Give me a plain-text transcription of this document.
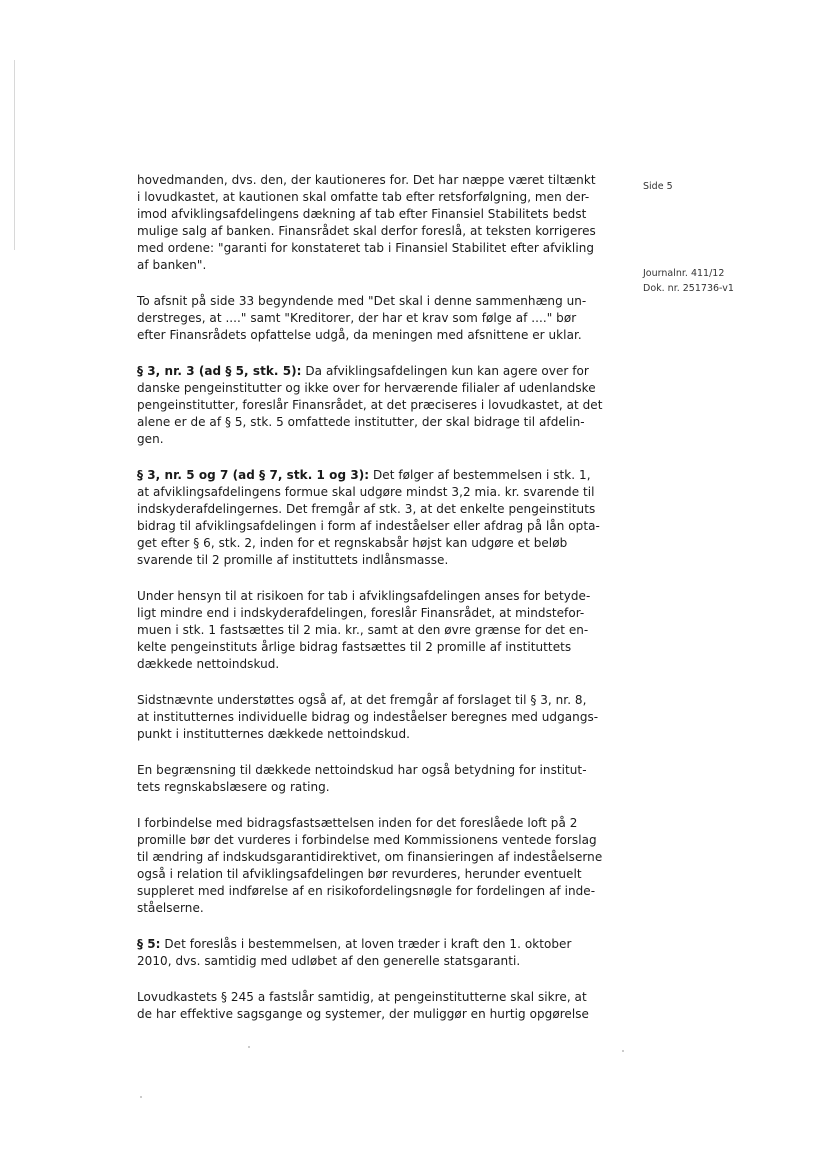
Side 5
Journalnr. 411/12
Dok. nr. 251736-v1

hovedmanden, dvs. den, der kautioneres for. Det har næppe været tiltænkt
i lovudkastet, at kautionen skal omfatte tab efter retsforfølgning, men der-
imod afviklingsafdelingens dækning af tab efter Finansiel Stabilitets bedst
mulige salg af banken. Finansrådet skal derfor foreslå, at teksten korrigeres
med ordene: "garanti for konstateret tab i Finansiel Stabilitet efter afvikling
af banken".

To afsnit på side 33 begyndende med "Det skal i denne sammenhæng un-
derstreges, at ...." samt "Kreditorer, der har et krav som følge af ...." bør
efter Finansrådets opfattelse udgå, da meningen med afsnittene er uklar.

§ 3, nr. 3 (ad § 5, stk. 5): Da afviklingsafdelingen kun kan agere over for
danske pengeinstitutter og ikke over for herværende filialer af udenlandske
pengeinstitutter, foreslår Finansrådet, at det præciseres i lovudkastet, at det
alene er de af § 5, stk. 5 omfattede institutter, der skal bidrage til afdelin-
gen.

§ 3, nr. 5 og 7 (ad § 7, stk. 1 og 3): Det følger af bestemmelsen i stk. 1,
at afviklingsafdelingens formue skal udgøre mindst 3,2 mia. kr. svarende til
indskyderafdelingernes. Det fremgår af stk. 3, at det enkelte pengeinstituts
bidrag til afviklingsafdelingen i form af indeståelser eller afdrag på lån opta-
get efter § 6, stk. 2, inden for et regnskabsår højst kan udgøre et beløb
svarende til 2 promille af instituttets indlånsmasse.

Under hensyn til at risikoen for tab i afviklingsafdelingen anses for betyde-
ligt mindre end i indskyderafdelingen, foreslår Finansrådet, at mindstefor-
muen i stk. 1 fastsættes til 2 mia. kr., samt at den øvre grænse for det en-
kelte pengeinstituts årlige bidrag fastsættes til 2 promille af instituttets
dækkede nettoindskud.

Sidstnævnte understøttes også af, at det fremgår af forslaget til § 3, nr. 8,
at institutternes individuelle bidrag og indeståelser beregnes med udgangs-
punkt i institutternes dækkede nettoindskud.

En begrænsning til dækkede nettoindskud har også betydning for institut-
tets regnskabslæsere og rating.

I forbindelse med bidragsfastsættelsen inden for det foreslåede loft på 2
promille bør det vurderes i forbindelse med Kommissionens ventede forslag
til ændring af indskudsgarantidirektivet, om finansieringen af indeståelserne
også i relation til afviklingsafdelingen bør revurderes, herunder eventuelt
suppleret med indførelse af en risikofordelingsnøgle for fordelingen af inde-
ståelserne.

§ 5: Det foreslås i bestemmelsen, at loven træder i kraft den 1. oktober
2010, dvs. samtidig med udløbet af den generelle statsgaranti.

Lovudkastets § 245 a fastslår samtidig, at pengeinstitutterne skal sikre, at
de har effektive sagsgange og systemer, der muliggør en hurtig opgørelse
